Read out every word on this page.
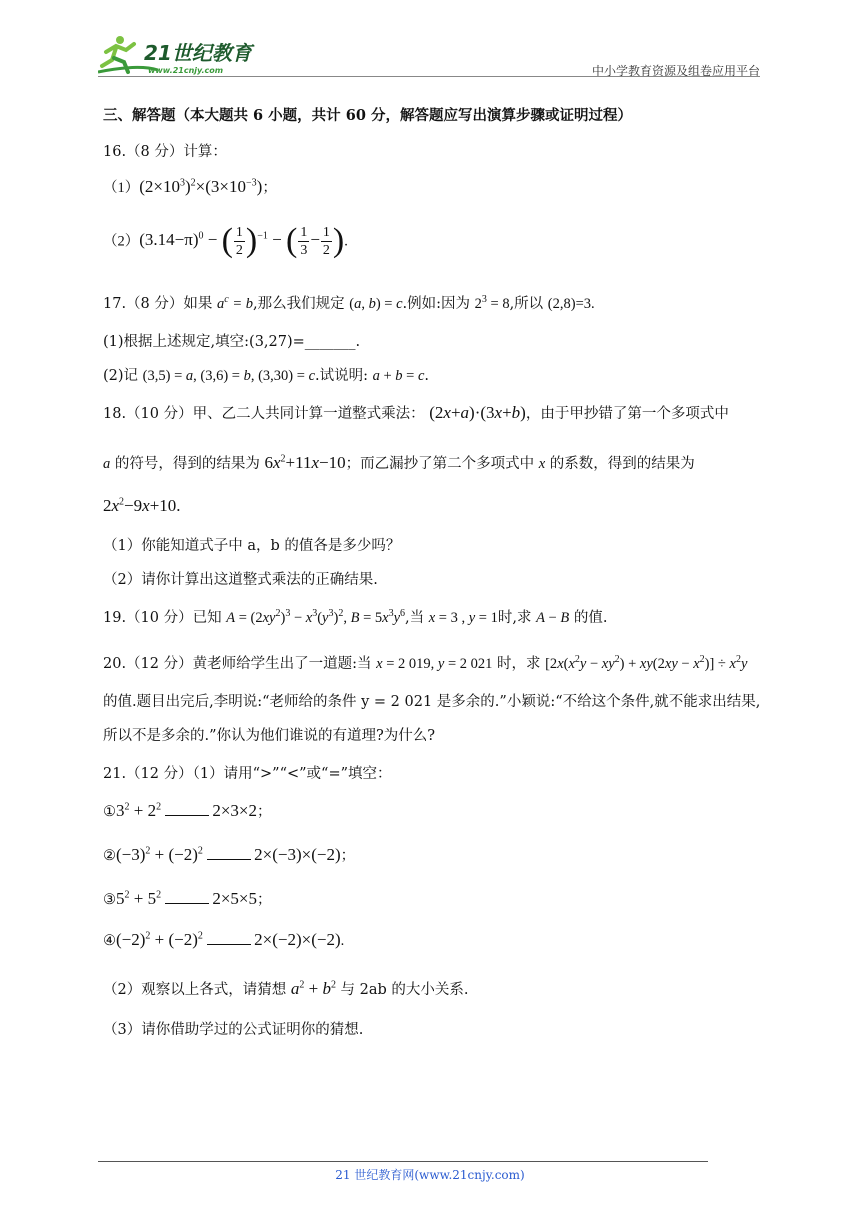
21世纪教育
www.21cnjy.com	中小学教育资源及组卷应用平台
三、解答题（本大题共 6 小题，共计 60 分，解答题应写出演算步骤或证明过程）
16.（8 分）计算：
$(1)(2\times 10^3)^2\times(3\times 10^{-3})$；
$(2)(3.14-\pi)^0$ − ( $\frac{1}{2} )^{-1}$ − ( $\frac{1}{3} - \frac{1}{2}$ ).
17.（8 分）如果 $a^c = b$,那么我们规定 (a, b) = c.例如:因为 $2^3 = 8$,所以 (2,8)=3.
(1)根据上述规定,填空:(3,27)=_______.
(2)记 (3,5) = a, (3,6) = b, (3,30) = c.试说明: a + b = c.
18.（10 分）甲、乙二人共同计算一道整式乘法： (2x+a)·(3x+b)，由于甲抄错了第一个多项式中
a 的符号，得到的结果为 $6x^2+11x-10$；而乙漏抄了第二个多项式中 x 的系数，得到的结果为
$2x^2-9x+10$.
（1）你能知道式子中 a，b 的值各是多少吗？
（2）请你计算出这道整式乘法的正确结果.
19.（10 分）已知 $A = (2xy^2)^3 - x^3(y^3)^2$, $B = 5x^3y^6$,当 x = 3 , y = 1时,求 A − B 的值.
20.（12 分）黄老师给学生出了一道题:当 x = 2 019, y = 2 021 时，求 $[2x(x^2y - xy^2) + xy(2xy - x^2)] \div x^2y$
的值.题目出完后,李明说:“老师给的条件 y = 2 021 是多余的.”小颖说:“不给这个条件,就不能求出结果,
所以不是多余的.”你认为他们谁说的有道理?为什么?
21.（12 分）（1）请用“>”“<”或“=”填空：
$①3^2 + 2^2$	2×3×2；
$②(-3)^2 + (-2)^2$	2×(−3)×(−2)；
$③5^2 + 5^2$	2×5×5；
$④(-2)^2 + (-2)^2$	2×(−2)×(−2).
（2）观察以上各式，请猜想 $a^2 + b^2$ 与 2ab 的大小关系.
（3）请你借助学过的公式证明你的猜想.
21 世纪教育网(www.21cnjy.com)
